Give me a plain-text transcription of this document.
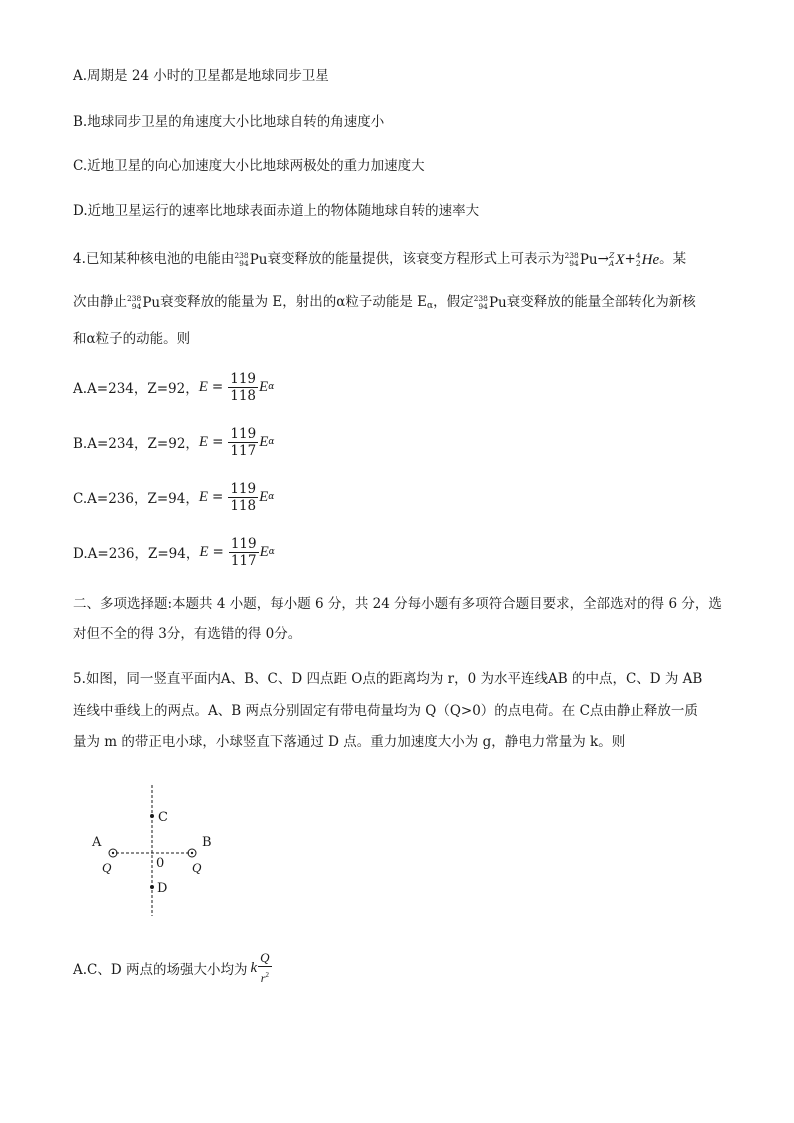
A.周期是 24 小时的卫星都是地球同步卫星
B.地球同步卫星的角速度大小比地球自转的角速度小
C.近地卫星的向心加速度大小比地球两极处的重力加速度大
D.近地卫星运行的速率比地球表面赤道上的物体随地球自转的速率大
4.已知某种核电池的电能由 238
94 Pu 衰变释放的能量提供，该衰变方程形式上可表示为 238
94 Pu → Z
A X + 4
2 He 。某
次由静止 238
94 Pu 衰变释放的能量为 E，射出的α粒子动能是 Eα，假定 238
94 Pu 衰变释放的能量全部转化为新核
和α粒子的动能。则
A.A=234，Z=92， $E = \frac{119}{118}$ E α
B.A=234，Z=92， $E = \frac{119}{117}$ E α
C.A=236，Z=94， $E = \frac{119}{118}$ E α
D.A=236，Z=94， $E = \frac{119}{117}$ E α
二、多项选择题:本题共 4 小题，每小题 6 分，共 24 分每小题有多项符合题目要求，全部选对的得 6 分，选
对但不全的得 3分，有选错的得 0分。
5.如图，同一竖直平面内A、B、C、D 四点距 O点的距离均为 r，0 为水平连线AB 的中点，C、D 为 AB
连线中垂线上的两点。A、B 两点分别固定有带电荷量均为 Q（Q>0）的点电荷。在 C点由静止释放一质
量为 m 的带正电小球，小球竖直下落通过 D 点。重力加速度大小为 g，静电力常量为 k。则
C
D
A	B
0
Q	Q
A.C、D 两点的场强大小均为 k $\frac{Q}{r^2}$
